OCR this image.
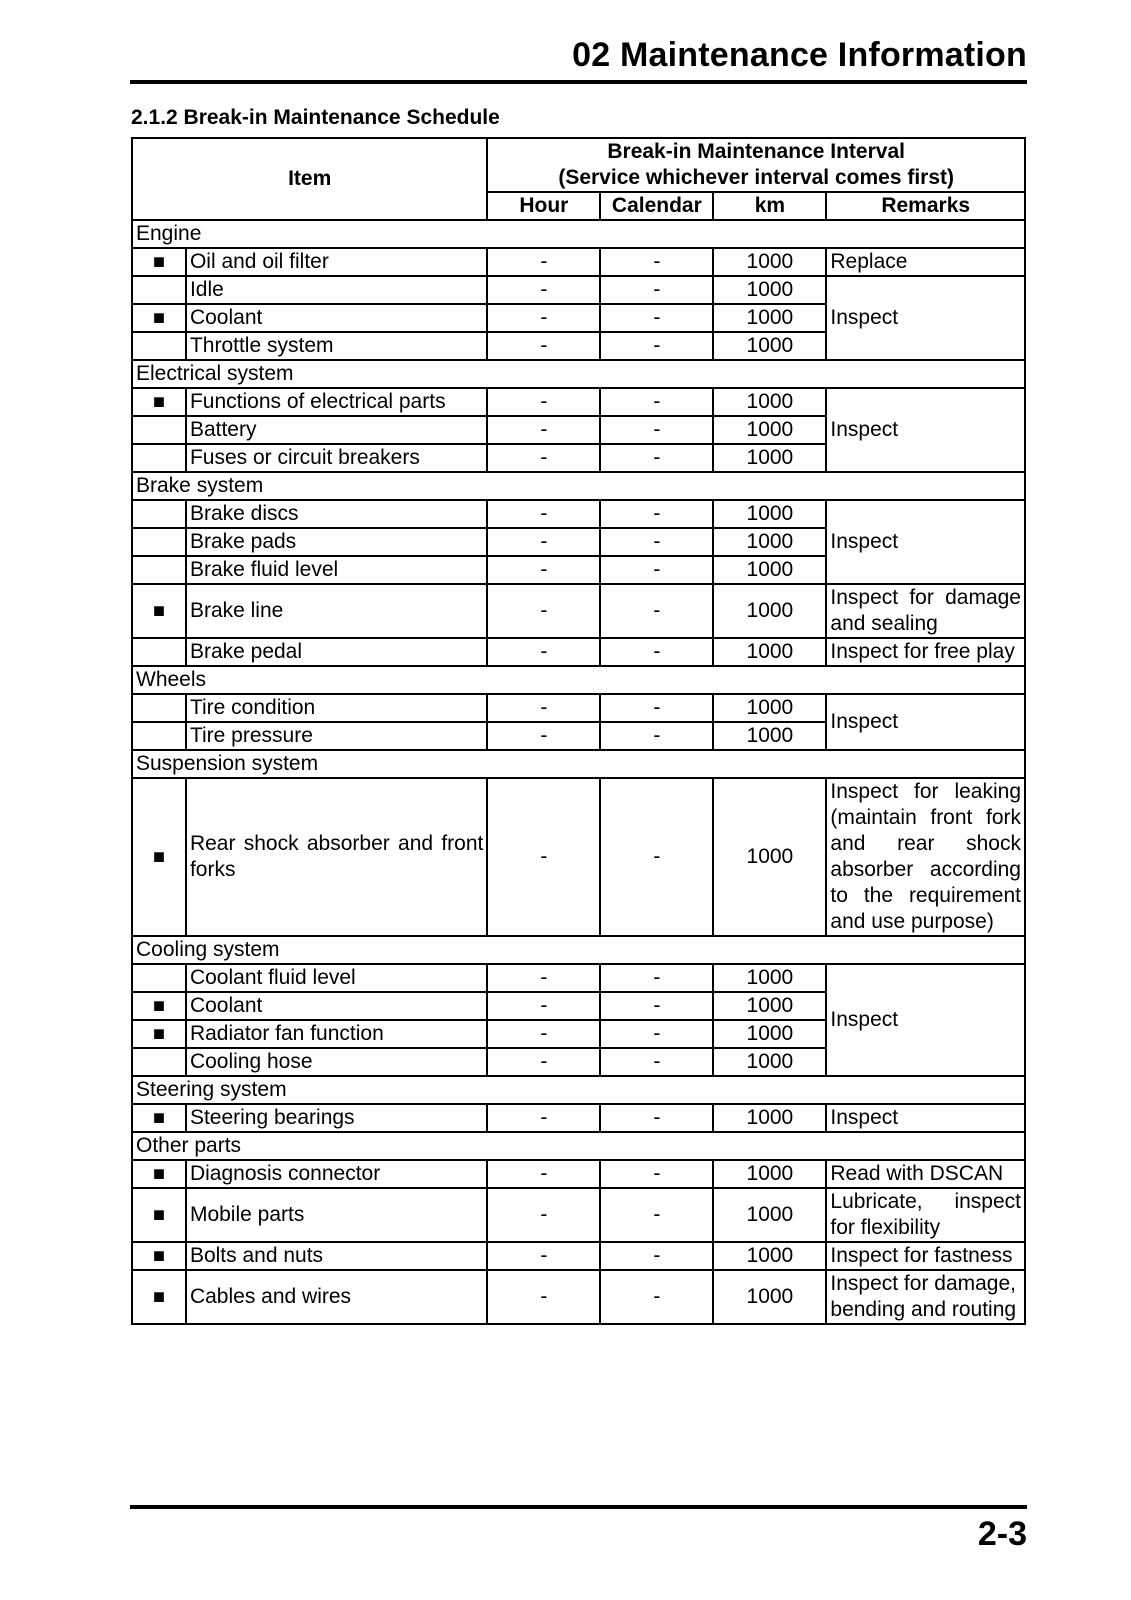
02 Maintenance Information
2.1.2 Break-in Maintenance Schedule
Item		Break-in Maintenance Interval
(Service whichever interval comes first)			

		Hour	Calendar	km	Remarks
Engine					
■	Oil and oil filter	-	-	1000	Replace
	Idle	-	-	1000	Inspect
■	Coolant	-	-	1000	
	Throttle system	-	-	1000	
Electrical system					
■	Functions of electrical parts	-	-	1000	Inspect
	Battery	-	-	1000	
	Fuses or circuit breakers	-	-	1000	
Brake system					
	Brake discs	-	-	1000	Inspect
	Brake pads	-	-	1000	
	Brake fluid level	-	-	1000	
■	Brake line	-	-	1000	Inspect for damage and sealing
	Brake pedal	-	-	1000	Inspect for free play
Wheels					
	Tire condition	-	-	1000	Inspect
	Tire pressure	-	-	1000	
Suspension system					
■	Rear shock absorber and front forks	-	-	1000	Inspect for leaking (maintain front fork and rear shock absorber according to the requirement and use purpose)
Cooling system					
	Coolant fluid level	-	-	1000	Inspect
■	Coolant	-	-	1000	
■	Radiator fan function	-	-	1000	
	Cooling hose	-	-	1000	
Steering system					
■	Steering bearings	-	-	1000	Inspect
Other parts					
■	Diagnosis connector	-	-	1000	Read with DSCAN
■	Mobile parts	-	-	1000	Lubricate, inspect for flexibility
■	Bolts and nuts	-	-	1000	Inspect for fastness
■	Cables and wires	-	-	1000	Inspect for damage, bending and routing
2-3
